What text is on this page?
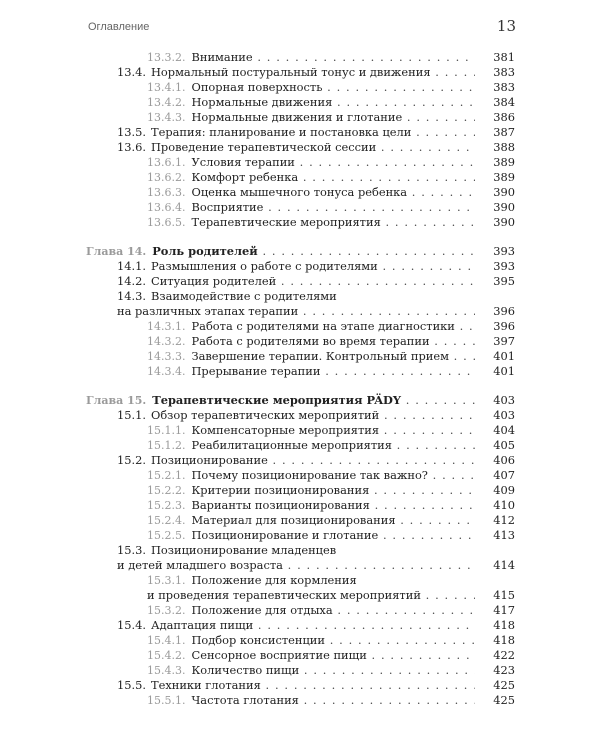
Оглавление	13
13.3.2. Внимание . . .	381
13.4. Нормальный постуральный тонус и движения . . .	383
13.4.1. Опорная поверхность . . .	383
13.4.2. Нормальные движения . . .	384
13.4.3. Нормальные движения и глотание . . .	386
13.5. Терапия: планирование и постановка цели . . .	387
13.6. Проведение терапевтической сессии . . .	388
13.6.1. Условия терапии . . .	389
13.6.2. Комфорт ребенка . . .	389
13.6.3. Оценка мышечного тонуса ребенка . . .	390
13.6.4. Восприятие . . .	390
13.6.5. Терапевтические мероприятия . . .	390
Глава 14. Роль родителей . . .	393
14.1. Размышления о работе с родителями . . .	393
14.2. Ситуация родителей . . .	395
14.3. Взаимодействие с родителями
на различных этапах терапии . . .	396
14.3.1. Работа с родителями на этапе диагностики . . .	396
14.3.2. Работа с родителями во время терапии . . .	397
14.3.3. Завершение терапии. Контрольный прием . . .	401
14.3.4. Прерывание терапии . . .	401
Глава 15. Терапевтические мероприятия PÄDY . . .	403
15.1. Обзор терапевтических мероприятий . . .	403
15.1.1. Компенсаторные мероприятия . . .	404
15.1.2. Реабилитационные мероприятия . . .	405
15.2. Позиционирование . . .	406
15.2.1. Почему позиционирование так важно? . . .	407
15.2.2. Критерии позиционирования . . .	409
15.2.3. Варианты позиционирования . . .	410
15.2.4. Материал для позиционирования . . .	412
15.2.5. Позиционирование и глотание . . .	413
15.3. Позиционирование младенцев
и детей младшего возраста . . .	414
15.3.1. Положение для кормления
и проведения терапевтических мероприятий . . .	415
15.3.2. Положение для отдыха . . .	417
15.4. Адаптация пищи . . .	418
15.4.1. Подбор консистенции . . .	418
15.4.2. Сенсорное восприятие пищи . . .	422
15.4.3. Количество пищи . . .	423
15.5. Техники глотания . . .	425
15.5.1. Частота глотания . . .	425
